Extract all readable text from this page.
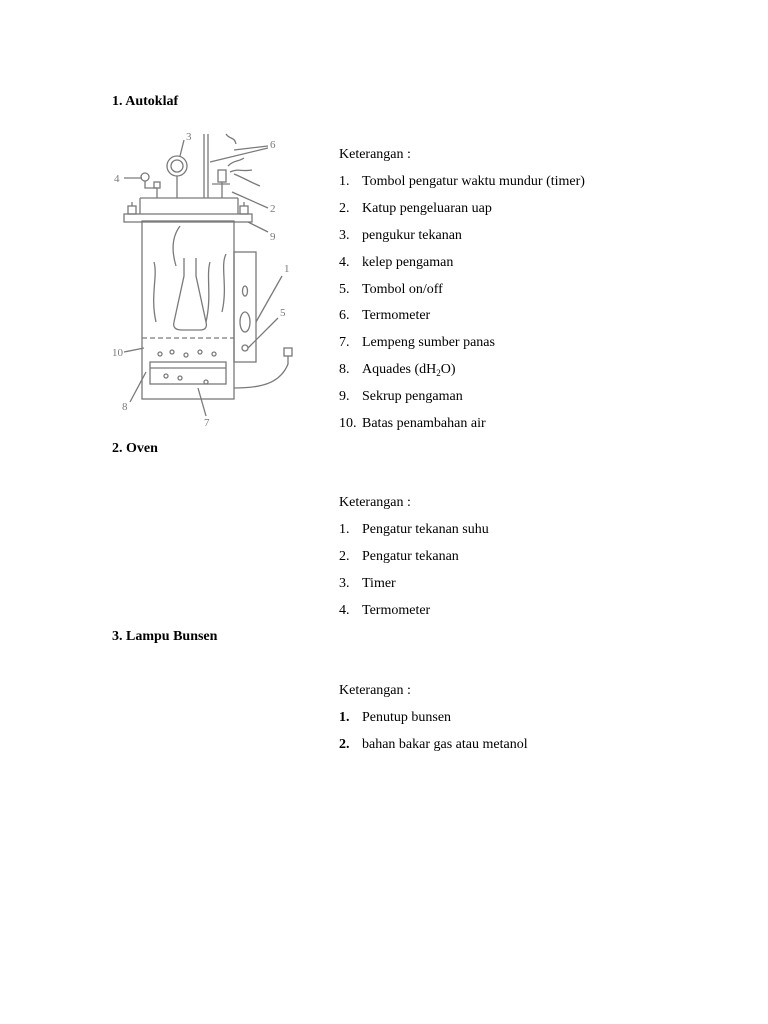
1. Autoklaf
1
2
3
4
5
6
7
8
9
10

Keterangan :

1. Tombol pengatur waktu mundur (timer)
2. Katup pengeluaran uap
3. pengukur tekanan
4. kelep pengaman
5. Tombol on/off
6. Termometer
7. Lempeng sumber panas
8. Aquades $(dH_2O)$
9. Sekrup pengaman
10. Batas penambahan air
2. Oven

Keterangan :

1. Pengatur tekanan suhu
2. Pengatur tekanan
3. Timer
4. Termometer
3. Lampu Bunsen

Keterangan :

1. Penutup bunsen
2. bahan bakar gas atau metanol
